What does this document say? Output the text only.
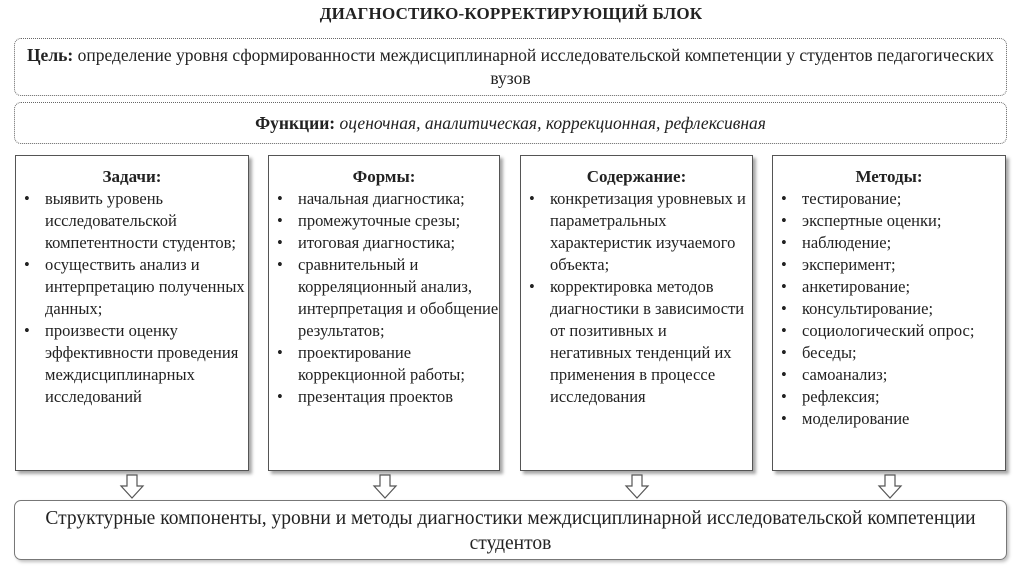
ДИАГНОСТИКО-КОРРЕКТИРУЮЩИЙ БЛОК
Цель: определение уровня сформированности междисциплинарной исследовательской компетенции у студентов педагогических вузов
Функции: оценочная, аналитическая, коррекционная, рефлексивная
Задачи:
• выявить уровень исследовательской компетентности студентов;
• осуществить анализ и интерпретацию полученных данных;
• произвести оценку эффективности проведения междисциплинарных исследований
Формы:
• начальная диагностика;
• промежуточные срезы;
• итоговая диагностика;
• сравнительный и корреляционный анализ, интерпретация и обобщение результатов;
• проектирование коррекционной работы;
• презентация проектов
Содержание:
• конкретизация уровневых и параметральных характеристик изучаемого объекта;
• корректировка методов диагностики в зависимости от позитивных и негативных тенденций их применения в процессе исследования
Методы:
• тестирование;
• экспертные оценки;
• наблюдение;
• эксперимент;
• анкетирование;
• консультирование;
• социологический опрос;
• беседы;
• самоанализ;
• рефлексия;
• моделирование
Структурные компоненты, уровни и методы диагностики междисциплинарной исследовательской компетенции студентов
